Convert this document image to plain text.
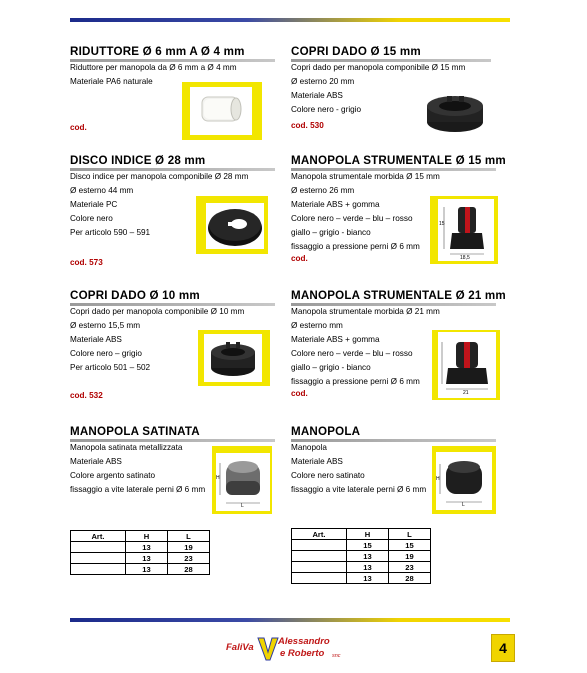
RIDUTTORE Ø 6 mm A Ø 4 mm
Riduttore per manopola da Ø 6 mm a Ø 4 mm
Materiale PA6 naturale
cod.
COPRI DADO Ø 15 mm
Copri dado per manopola componibile Ø 15 mm
Ø esterno 20 mm
Materiale ABS
Colore nero - grigio
cod. 530
DISCO INDICE Ø 28 mm
Disco indice per manopola componibile Ø 28 mm
Ø esterno 44 mm
Materiale PC
Colore nero
Per articolo 590 – 591
cod. 573
MANOPOLA STRUMENTALE Ø 15 mm
Manopola strumentale morbida Ø 15 mm
Ø esterno 26 mm
Materiale ABS + gomma
Colore nero – verde – blu – rosso
giallo – grigio - bianco
fissaggio a pressione perni Ø 6 mm
15
18,5
cod.
COPRI DADO Ø 10 mm
Copri dado per manopola componibile Ø 10 mm
Ø esterno 15,5 mm
Materiale ABS
Colore nero – grigio
Per articolo 501 – 502
cod. 532
MANOPOLA STRUMENTALE Ø 21 mm
Manopola strumentale morbida Ø 21 mm
Ø esterno mm
Materiale ABS + gomma
Colore nero – verde – blu – rosso
giallo – grigio - bianco
fissaggio a pressione perni Ø 6 mm
21
cod.
MANOPOLA SATINATA
Manopola satinata metallizzata
Materiale ABS
Colore argento satinato
fissaggio a vite laterale perni Ø 6 mm
H
L
MANOPOLA
Manopola
Materiale ABS
Colore nero satinato
fissaggio a vite laterale perni Ø 6 mm
H
L
Art.	H	L
	13	19
	13	23
	13	28
Art.	H	L
	15	15
	13	19
	13	23
	13	28
FaliVa
Alessandro
e Roberto snc	4
